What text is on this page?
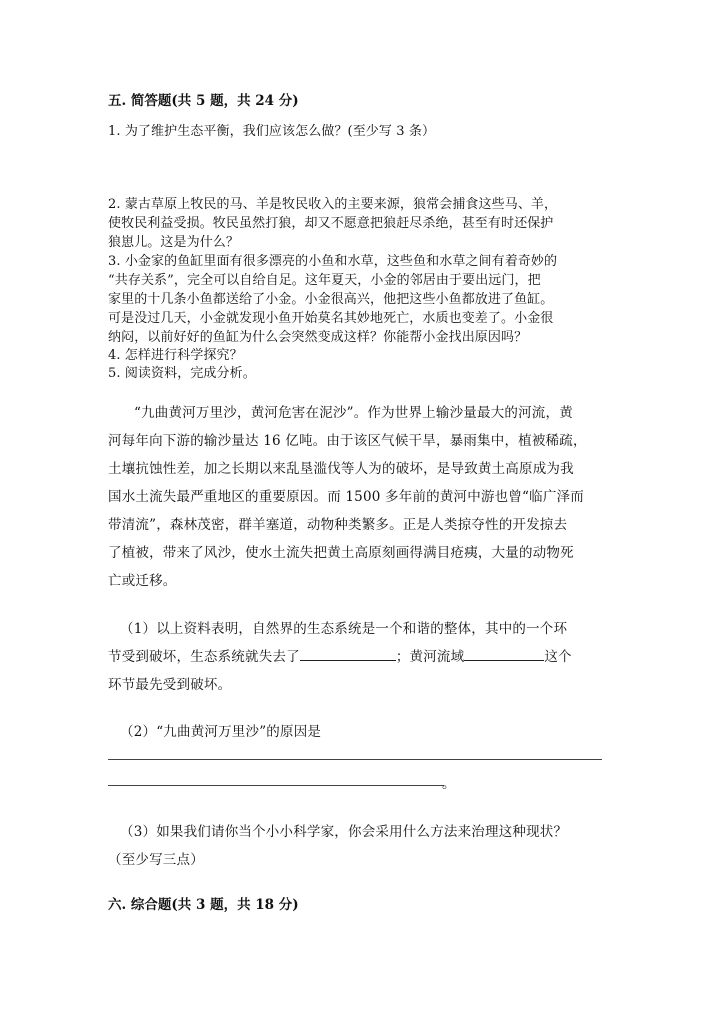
五. 简答题(共 5 题，共 24 分)
1. 为了维护生态平衡，我们应该怎么做？(至少写 3 条）
2. 蒙古草原上牧民的马、羊是牧民收入的主要来源，狼常会捕食这些马、羊，
使牧民利益受损。牧民虽然打狼，却又不愿意把狼赶尽杀绝，甚至有时还保护
狼崽儿。这是为什么？
3. 小金家的鱼缸里面有很多漂亮的小鱼和水草，这些鱼和水草之间有着奇妙的
“共存关系”，完全可以自给自足。这年夏天，小金的邻居由于要出远门，把
家里的十几条小鱼都送给了小金。小金很高兴，他把这些小鱼都放进了鱼缸。
可是没过几天，小金就发现小鱼开始莫名其妙地死亡，水质也变差了。小金很
纳闷，以前好好的鱼缸为什么会突然变成这样？你能帮小金找出原因吗？
4. 怎样进行科学探究？
5. 阅读资料，完成分析。
“九曲黄河万里沙，黄河危害在泥沙”。作为世界上输沙量最大的河流，黄
河每年向下游的输沙量达 16 亿吨。由于该区气候干旱，暴雨集中，植被稀疏，
土壤抗蚀性差，加之长期以来乱垦滥伐等人为的破坏，是导致黄土高原成为我
国水土流失最严重地区的重要原因。而 1500 多年前的黄河中游也曾“临广泽而
带清流”，森林茂密，群羊塞道，动物种类繁多。正是人类掠夺性的开发掠去
了植被，带来了风沙，使水土流失把黄土高原刻画得满目疮痍，大量的动物死
亡或迁移。
（1）以上资料表明，自然界的生态系统是一个和谐的整体，其中的一个环
节受到破坏，生态系统就失去了	；黄河流域	这个
环节最先受到破坏。
（2）“九曲黄河万里沙”的原因是
。
（3）如果我们请你当个小小科学家，你会采用什么方法来治理这种现状？
（至少写三点）
六. 综合题(共 3 题，共 18 分)
